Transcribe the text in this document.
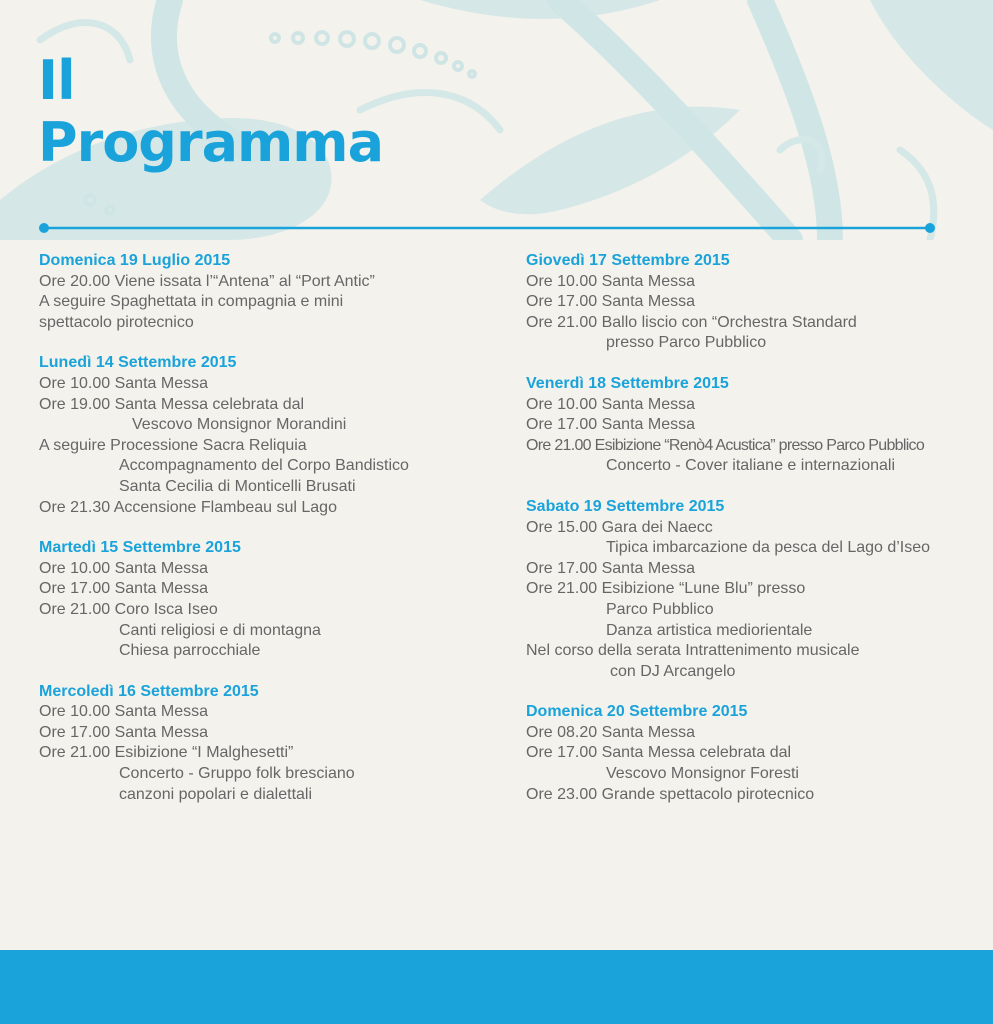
Il
Programma
Domenica 19 Luglio 2015
Ore 20.00 Viene issata l’“Antena” al “Port Antic”
A seguire Spaghettata in compagnia e mini
spettacolo pirotecnico
Lunedì 14 Settembre 2015
Ore 10.00 Santa Messa
Ore 19.00 Santa Messa celebrata dal
Vescovo Monsignor Morandini
A seguire Processione Sacra Reliquia
Accompagnamento del Corpo Bandistico
Santa Cecilia di Monticelli Brusati
Ore 21.30 Accensione Flambeau sul Lago
Martedì 15 Settembre 2015
Ore 10.00 Santa Messa
Ore 17.00 Santa Messa
Ore 21.00 Coro Isca Iseo
Canti religiosi e di montagna
Chiesa parrocchiale
Mercoledì 16 Settembre 2015
Ore 10.00 Santa Messa
Ore 17.00 Santa Messa
Ore 21.00 Esibizione “I Malghesetti”
Concerto - Gruppo folk bresciano
canzoni popolari e dialettali
Giovedì 17 Settembre 2015
Ore 10.00 Santa Messa
Ore 17.00 Santa Messa
Ore 21.00 Ballo liscio con “Orchestra Standard
presso Parco Pubblico
Venerdì 18 Settembre 2015
Ore 10.00 Santa Messa
Ore 17.00 Santa Messa
Ore 21.00 Esibizione “Renò4 Acustica” presso Parco Pubblico
Concerto - Cover italiane e internazionali
Sabato 19 Settembre 2015
Ore 15.00 Gara dei Naecc
Tipica imbarcazione da pesca del Lago d’Iseo
Ore 17.00 Santa Messa
Ore 21.00 Esibizione “Lune Blu” presso
Parco Pubblico
Danza artistica mediorientale
Nel corso della serata Intrattenimento musicale
con DJ Arcangelo
Domenica 20 Settembre 2015
Ore 08.20 Santa Messa
Ore 17.00 Santa Messa celebrata dal
Vescovo Monsignor Foresti
Ore 23.00 Grande spettacolo pirotecnico
